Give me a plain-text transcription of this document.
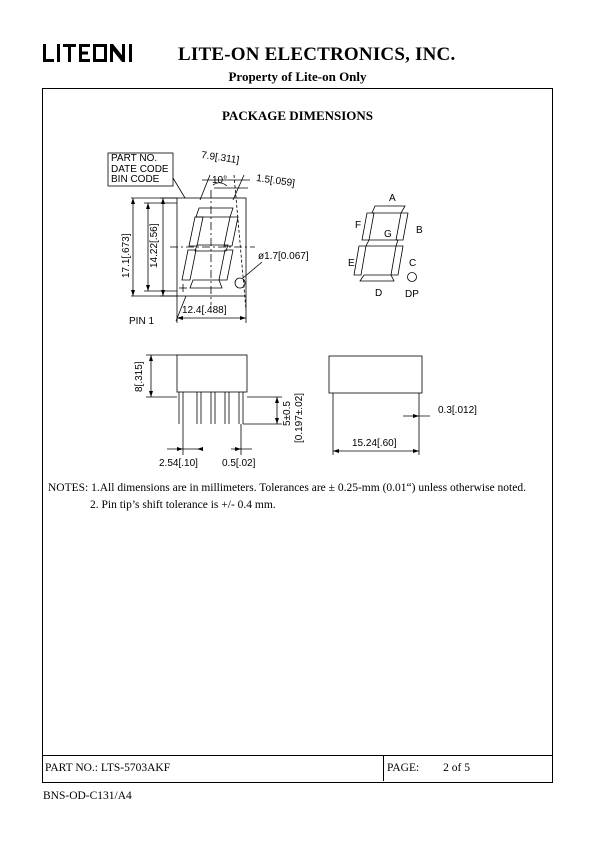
LITE-ON ELECTRONICS, INC.
Property of Lite-on Only
PACKAGE DIMENSIONS
PART NO.
DATE CODE
BIN CODE
7.9[.311]
10°	1.5[.059]
17.1[.673] 14.22[.56]	ø1.7[0.067]
12.4[.488]
PIN 1
8[.315]
5±0.5 [0.197±.02]
2.54[.10] 0.5[.02]
15.24[.60]
0.3[.012]
A
B
C
D
E
F
G
DP
NOTES: 1.All dimensions are in millimeters. Tolerances are ± 0.25-mm (0.01“) unless otherwise noted.
2. Pin tip’s shift tolerance is +/- 0.4 mm.
PART NO.: LTS-5703AKF	PAGE: 2 of 5
BNS-OD-C131/A4
